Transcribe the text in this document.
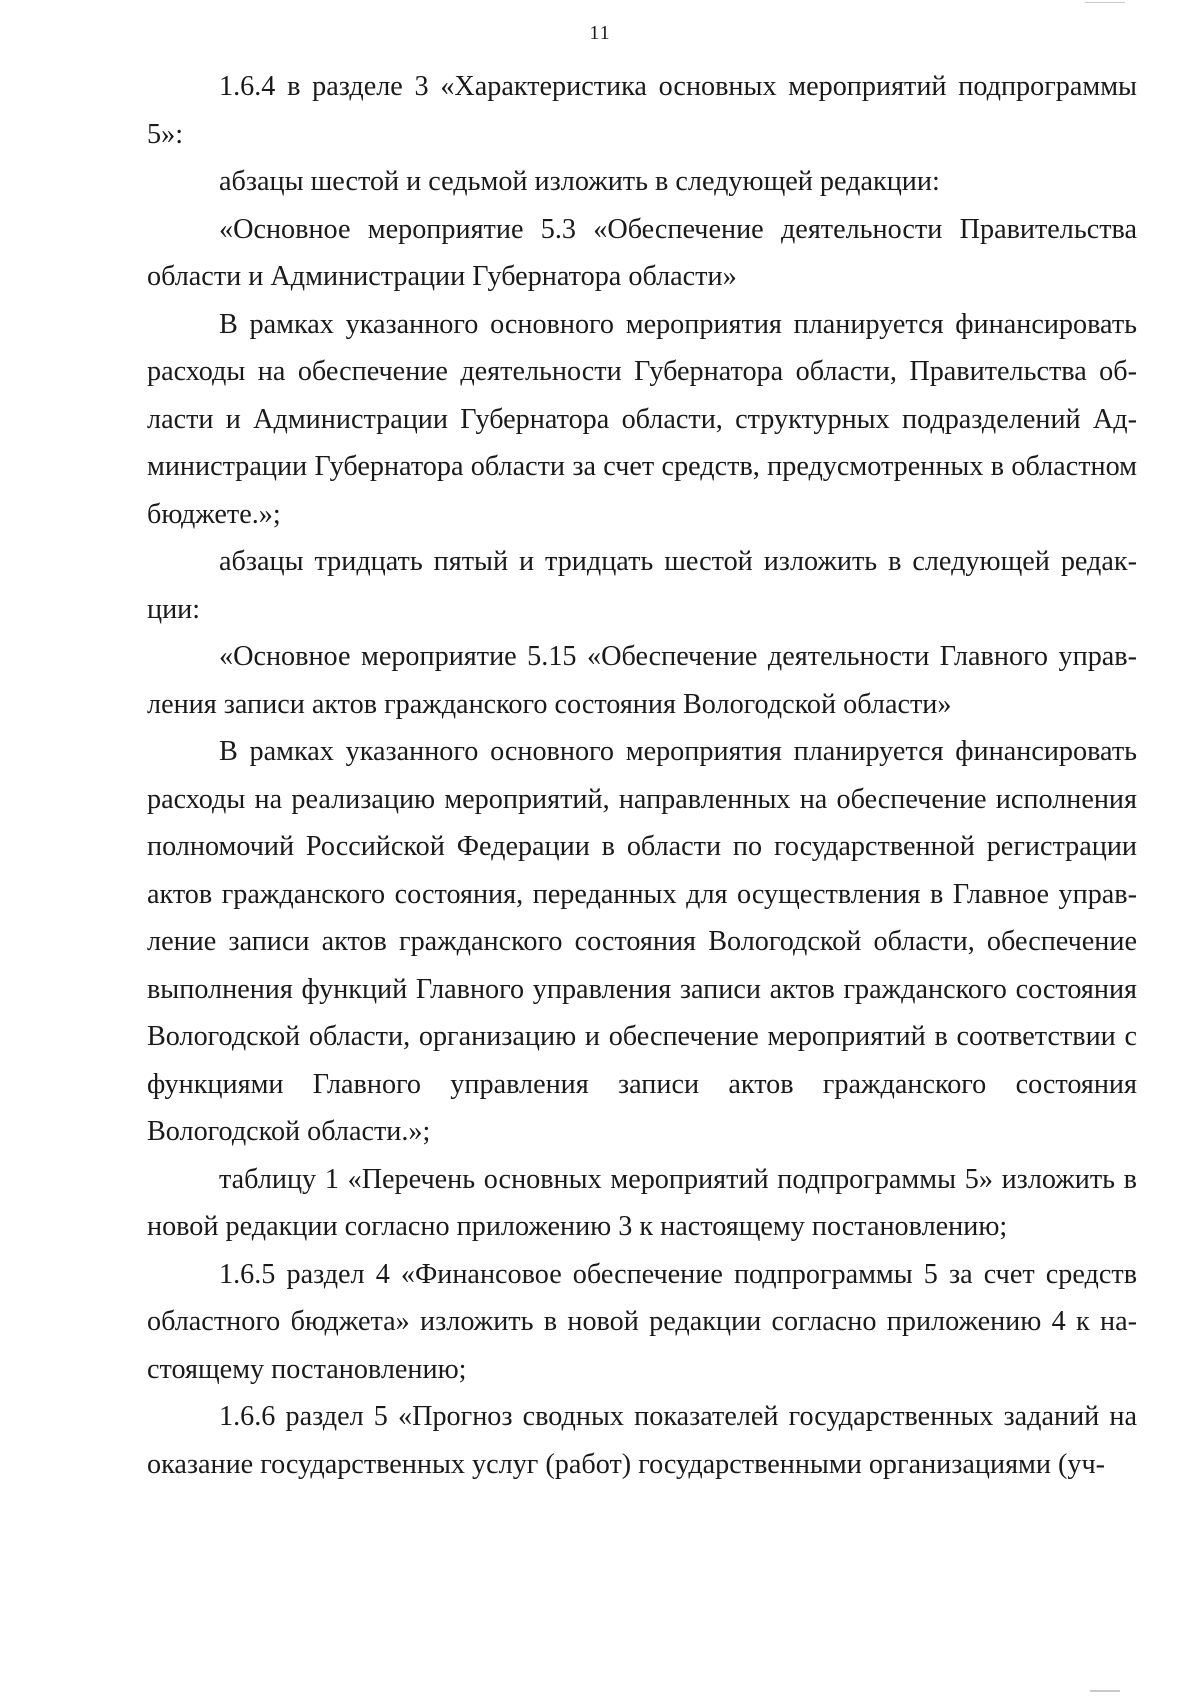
11

1.6.4 в разделе 3 «Характеристика основных мероприятий подпрограммы 5»:

абзацы шестой и седьмой изложить в следующей редакции:

«Основное мероприятие 5.3 «Обеспечение деятельности Правительства области и Администрации Губернатора области»

В рамках указанного основного мероприятия планируется финансировать расходы на обеспечение деятельности Губернатора области, Правительства области и Администрации Губернатора области, структурных подразделений Администрации Губернатора области за счет средств, предусмотренных в областном бюджете.»;

абзацы тридцать пятый и тридцать шестой изложить в следующей редакции:

«Основное мероприятие 5.15 «Обеспечение деятельности Главного управления записи актов гражданского состояния Вологодской области»

В рамках указанного основного мероприятия планируется финансировать расходы на реализацию мероприятий, направленных на обеспечение исполнения полномочий Российской Федерации в области по государственной регистрации актов гражданского состояния, переданных для осуществления в Главное управление записи актов гражданского состояния Вологодской области, обеспечение выполнения функций Главного управления записи актов гражданского состояния Вологодской области, организацию и обеспечение мероприятий в соответствии с функциями Главного управления записи актов гражданского состояния Вологодской области.»;

таблицу 1 «Перечень основных мероприятий подпрограммы 5» изложить в новой редакции согласно приложению 3 к настоящему постановлению;

1.6.5 раздел 4 «Финансовое обеспечение подпрограммы 5 за счет средств областного бюджета» изложить в новой редакции согласно приложению 4 к настоящему постановлению;

1.6.6 раздел 5 «Прогноз сводных показателей государственных заданий на оказание государственных услуг (работ) государственными организациями (уч-
